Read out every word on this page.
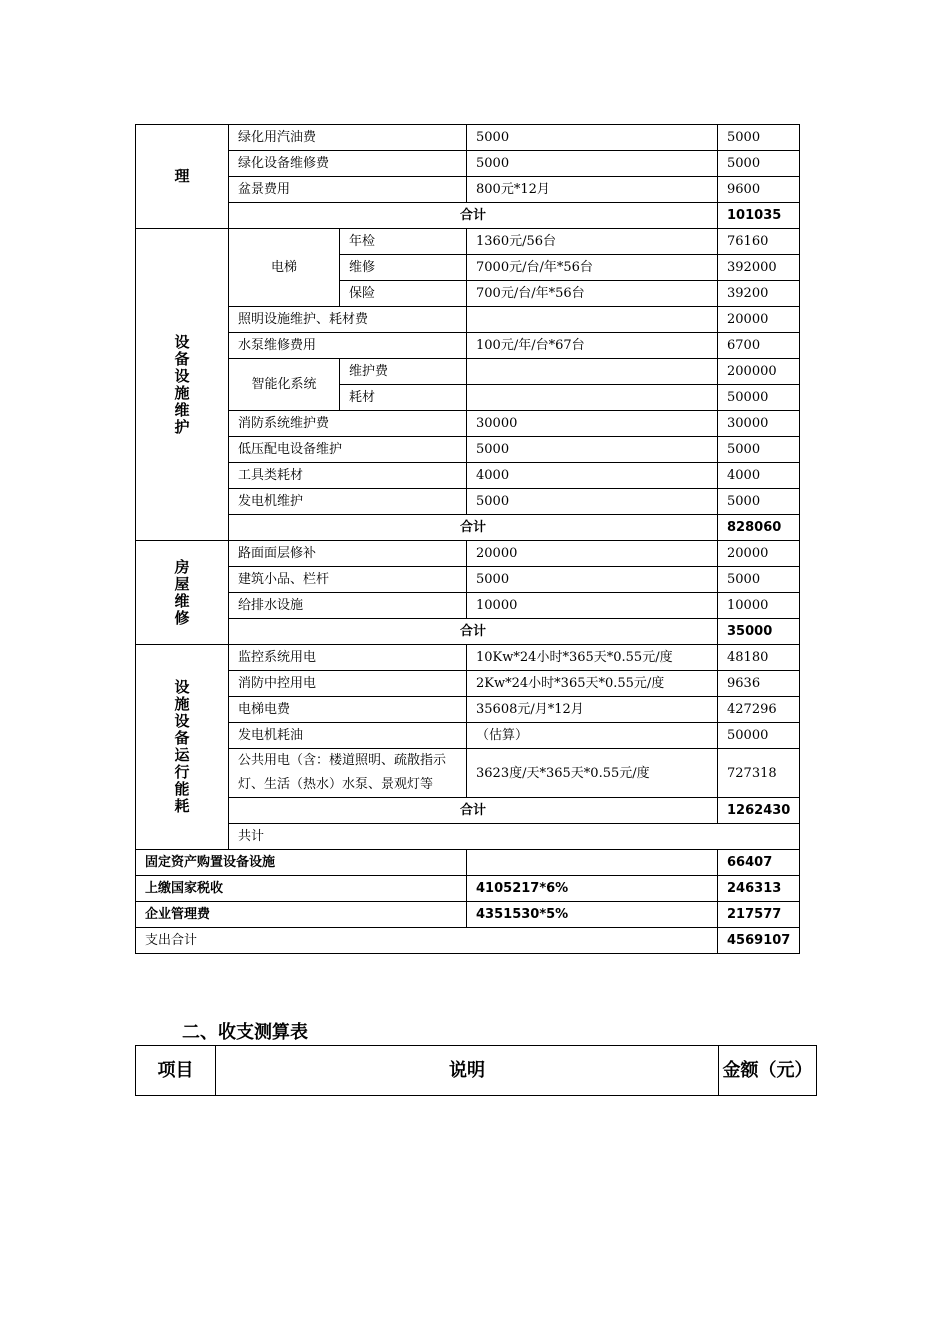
理	绿化用汽油费		5000	5000	
	绿化设备维修费		5000	5000	
	盆景费用		800元*12月	9600	
	合计			101035	
设备设施维护	电梯	年检	1360元/56台	76160	
		维修	7000元/台/年*56台	392000	
		保险	700元/台/年*56台	39200	
	照明设施维护、耗材费			20000	
	水泵维修费用		100元/年/台*67台	6700	
	智能化系统	维护费		200000	
		耗材		50000	
	消防系统维护费		30000	30000	
	低压配电设备维护		5000	5000	
	工具类耗材		4000	4000	
	发电机维护		5000	5000	
	合计			828060	
房屋维修	路面面层修补		20000	20000	
	建筑小品、栏杆		5000	5000	
	给排水设施		10000	10000	
	合计			35000	
设施设备运行能耗	监控系统用电		10Kw*24小时*365天*0.55元/度	48180	
	消防中控用电		2Kw*24小时*365天*0.55元/度	9636	
	电梯电费		35608元/月*12月	427296	
	发电机耗油		（估算）	50000	
	公共用电（含：楼道照明、疏散指示灯、生活（热水）水泵、景观灯等		3623度/天*365天*0.55元/度	727318	
	合计			1262430	
	共计	
固定资产购置设备设施				66407	
上缴国家税收			4105217*6%	246313	
企业管理费			4351530*5%	217577	
支出合计				4569107	
二、收支测算表
项目	说明	金额（元）
